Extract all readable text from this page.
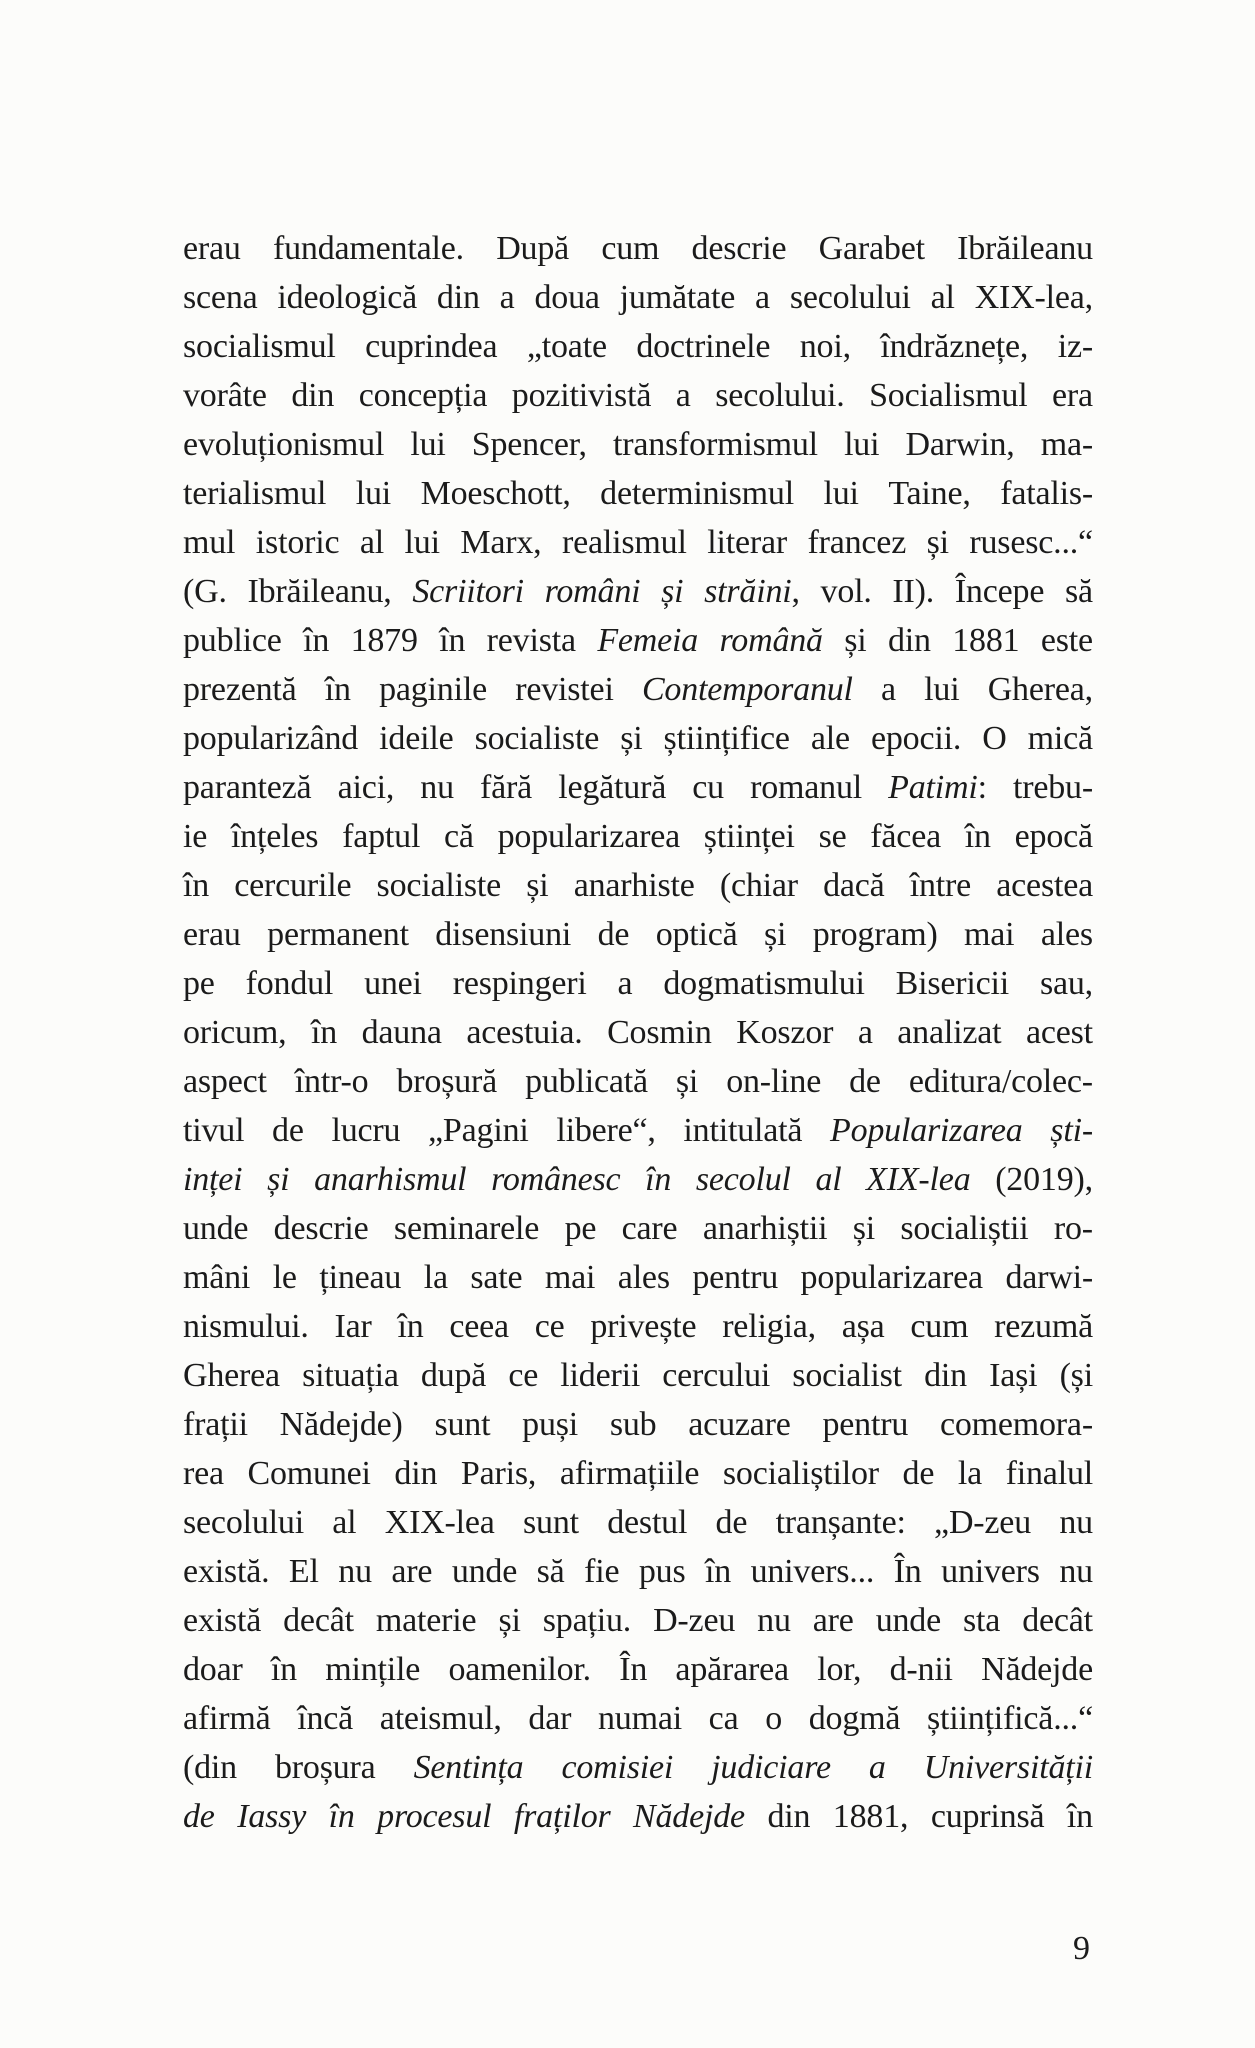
erau fundamentale. După cum descrie Garabet Ibrăileanu
scena ideologică din a doua jumătate a secolului al XIX-lea,
socialismul cuprindea „toate doctrinele noi, îndrăznețe, iz-
vorâte din concepția pozitivistă a secolului. Socialismul era
evoluționismul lui Spencer, transformismul lui Darwin, ma-
terialismul lui Moeschott, determinismul lui Taine, fatalis-
mul istoric al lui Marx, realismul literar francez și rusesc...“
(G. Ibrăileanu, Scriitori români și străini, vol. II). Începe să
publice în 1879 în revista Femeia română și din 1881 este
prezentă în paginile revistei Contemporanul a lui Gherea,
popularizând ideile socialiste și științifice ale epocii. O mică
paranteză aici, nu fără legătură cu romanul Patimi: trebu-
ie înțeles faptul că popularizarea științei se făcea în epocă
în cercurile socialiste și anarhiste (chiar dacă între acestea
erau permanent disensiuni de optică și program) mai ales
pe fondul unei respingeri a dogmatismului Bisericii sau,
oricum, în dauna acestuia. Cosmin Koszor a analizat acest
aspect într-o broșură publicată și on-line de editura/colec-
tivul de lucru „Pagini libere“, intitulată Popularizarea ști-
inței și anarhismul românesc în secolul al XIX-lea (2019),
unde descrie seminarele pe care anarhiștii și socialiștii ro-
mâni le țineau la sate mai ales pentru popularizarea darwi-
nismului. Iar în ceea ce privește religia, așa cum rezumă
Gherea situația după ce liderii cercului socialist din Iași (și
frații Nădejde) sunt puși sub acuzare pentru comemora-
rea Comunei din Paris, afirmațiile socialiștilor de la finalul
secolului al XIX-lea sunt destul de tranșante: „D-zeu nu
există. El nu are unde să fie pus în univers... În univers nu
există decât materie și spațiu. D-zeu nu are unde sta decât
doar în mințile oamenilor. În apărarea lor, d-nii Nădejde
afirmă încă ateismul, dar numai ca o dogmă științifică...“
(din broșura Sentința comisiei judiciare a Universității
de Iassy în procesul fraților Nădejde din 1881, cuprinsă în
9
